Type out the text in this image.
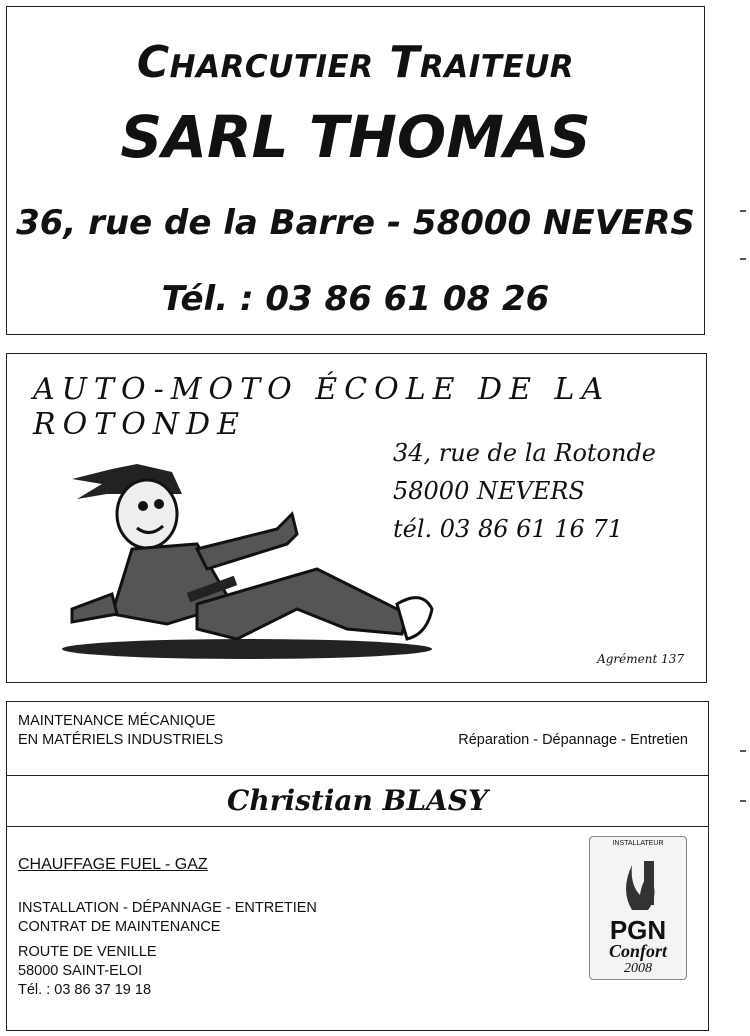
Charcutier Traiteur
SARL THOMAS
36, rue de la Barre - 58000 NEVERS
Tél. : 03 86 61 08 26
AUTO-MOTO ÉCOLE DE LA ROTONDE
34, rue de la Rotonde
58000 NEVERS
tél. 03 86 61 16 71
Agrément 137
MAINTENANCE MÉCANIQUE
EN MATÉRIELS INDUSTRIELS	Réparation - Dépannage - Entretien
Christian BLASY
CHAUFFAGE FUEL - GAZ
INSTALLATION - DÉPANNAGE - ENTRETIEN
CONTRAT DE MAINTENANCE
ROUTE DE VENILLE
58000 SAINT-ELOI
Tél. : 03 86 37 19 18
INSTALLATEUR
PGN
Confort
2008
